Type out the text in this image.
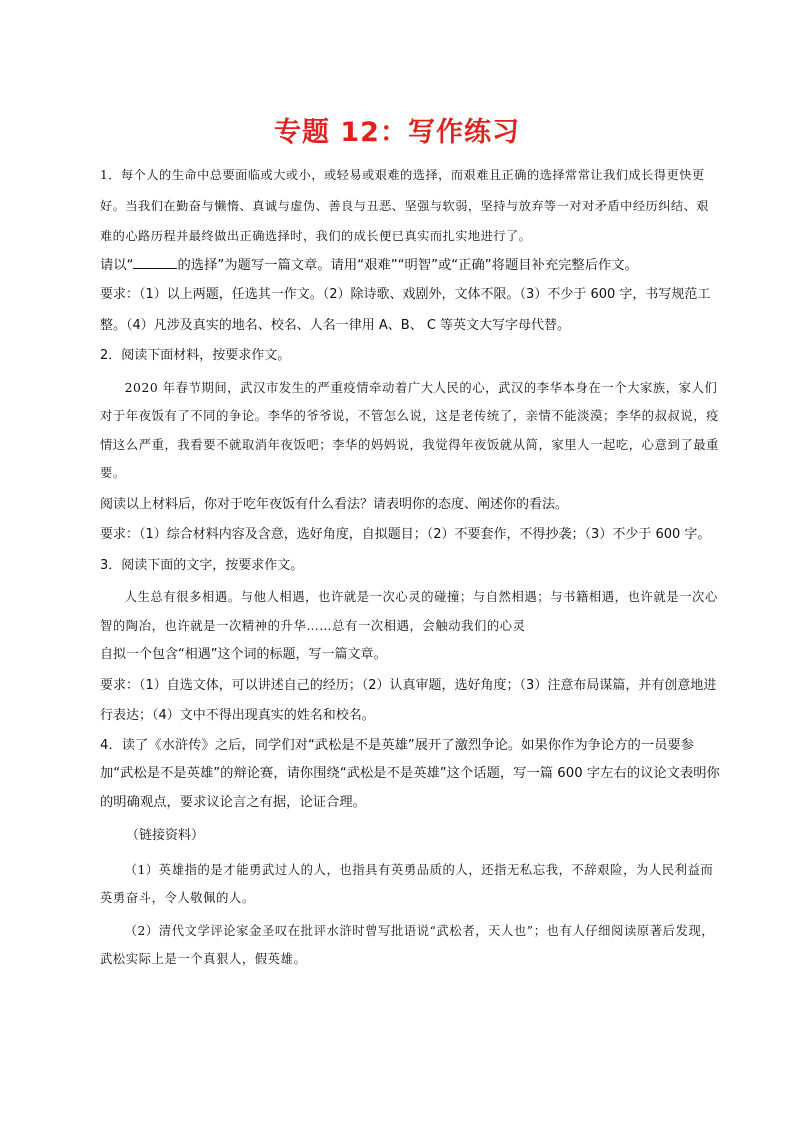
专题 12：写作练习

1．每个人的生命中总要面临或大或小，或轻易或艰难的选择，而艰难且正确的选择常常让我们成长得更快更好。当我们在勤奋与懒惰、真诚与虚伪、善良与丑恶、坚强与软弱，坚持与放弃等一对对矛盾中经历纠结、艰难的心路历程并最终做出正确选择时，我们的成长便已真实而扎实地进行了。

请以“	的选择”为题写一篇文章。请用“艰难”“明智”或“正确”将题目补充完整后作文。

要求：（1）以上两题，任选其一作文。（2）除诗歌、戏剧外，文体不限。（3）不少于 600 字，书写规范工整。（4）凡涉及真实的地名、校名、人名一律用 A、B、 C 等英文大写字母代替。

2．阅读下面材料，按要求作文。

2020 年春节期间，武汉市发生的严重疫情牵动着广大人民的心，武汉的李华本身在一个大家族，家人们对于年夜饭有了不同的争论。李华的爷爷说，不管怎么说，这是老传统了，亲情不能淡漠；李华的叔叔说，疫情这么严重，我看要不就取消年夜饭吧；李华的妈妈说，我觉得年夜饭就从简，家里人一起吃，心意到了最重要。

阅读以上材料后，你对于吃年夜饭有什么看法？请表明你的态度、阐述你的看法。

要求：（1）综合材料内容及含意，选好角度，自拟题目；（2）不要套作，不得抄袭；（3）不少于 600 字。

3．阅读下面的文字，按要求作文。

人生总有很多相遇。与他人相遇，也许就是一次心灵的碰撞；与自然相遇；与书籍相遇，也许就是一次心智的陶冶，也许就是一次精神的升华……总有一次相遇，会触动我们的心灵

自拟一个包含“相遇”这个词的标题，写一篇文章。

要求：（1）自选文体，可以讲述自己的经历；（2）认真审题，选好角度；（3）注意布局谋篇，并有创意地进行表达；（4）文中不得出现真实的姓名和校名。

4．读了《水浒传》之后，同学们对“武松是不是英雄”展开了激烈争论。如果你作为争论方的一员要参加“武松是不是英雄”的辩论赛，请你围绕“武松是不是英雄”这个话题，写一篇 600 字左右的议论文表明你的明确观点，要求议论言之有据，论证合理。

（链接资料）

（1）英雄指的是才能勇武过人的人，也指具有英勇品质的人，还指无私忘我，不辞艰险，为人民利益而英勇奋斗，令人敬佩的人。

（2）清代文学评论家金圣叹在批评水浒时曾写批语说“武松者，天人也”；也有人仔细阅读原著后发现，武松实际上是一个真狠人，假英雄。
